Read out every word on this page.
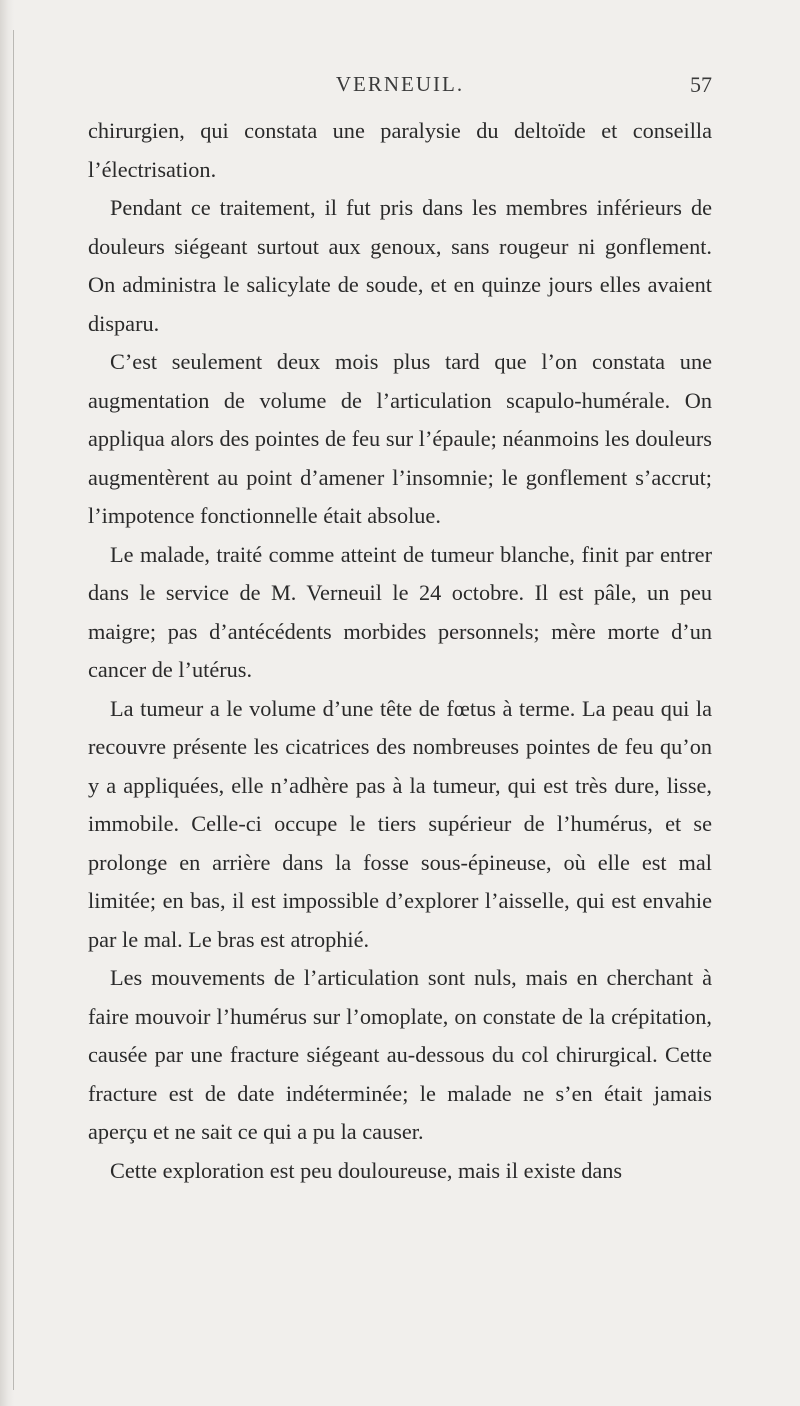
VERNEUIL.	57

chirurgien, qui constata une paralysie du deltoïde et conseilla l’électrisation.

Pendant ce traitement, il fut pris dans les membres inférieurs de douleurs siégeant surtout aux genoux, sans rougeur ni gonflement. On administra le salicylate de soude, et en quinze jours elles avaient disparu.

C’est seulement deux mois plus tard que l’on constata une augmentation de volume de l’articulation scapulo-humérale. On appliqua alors des pointes de feu sur l’épaule; néanmoins les douleurs augmentèrent au point d’amener l’insomnie; le gonflement s’accrut; l’impotence fonctionnelle était absolue.

Le malade, traité comme atteint de tumeur blanche, finit par entrer dans le service de M. Verneuil le 24 octobre. Il est pâle, un peu maigre; pas d’antécédents morbides personnels; mère morte d’un cancer de l’utérus.

La tumeur a le volume d’une tête de fœtus à terme. La peau qui la recouvre présente les cicatrices des nombreuses pointes de feu qu’on y a appliquées, elle n’adhère pas à la tumeur, qui est très dure, lisse, immobile. Celle-ci occupe le tiers supérieur de l’humérus, et se prolonge en arrière dans la fosse sous-épineuse, où elle est mal limitée; en bas, il est impossible d’explorer l’aisselle, qui est envahie par le mal. Le bras est atrophié.

Les mouvements de l’articulation sont nuls, mais en cherchant à faire mouvoir l’humérus sur l’omoplate, on constate de la crépitation, causée par une fracture siégeant au-dessous du col chirurgical. Cette fracture est de date indéterminée; le malade ne s’en était jamais aperçu et ne sait ce qui a pu la causer.

Cette exploration est peu douloureuse, mais il existe dans
